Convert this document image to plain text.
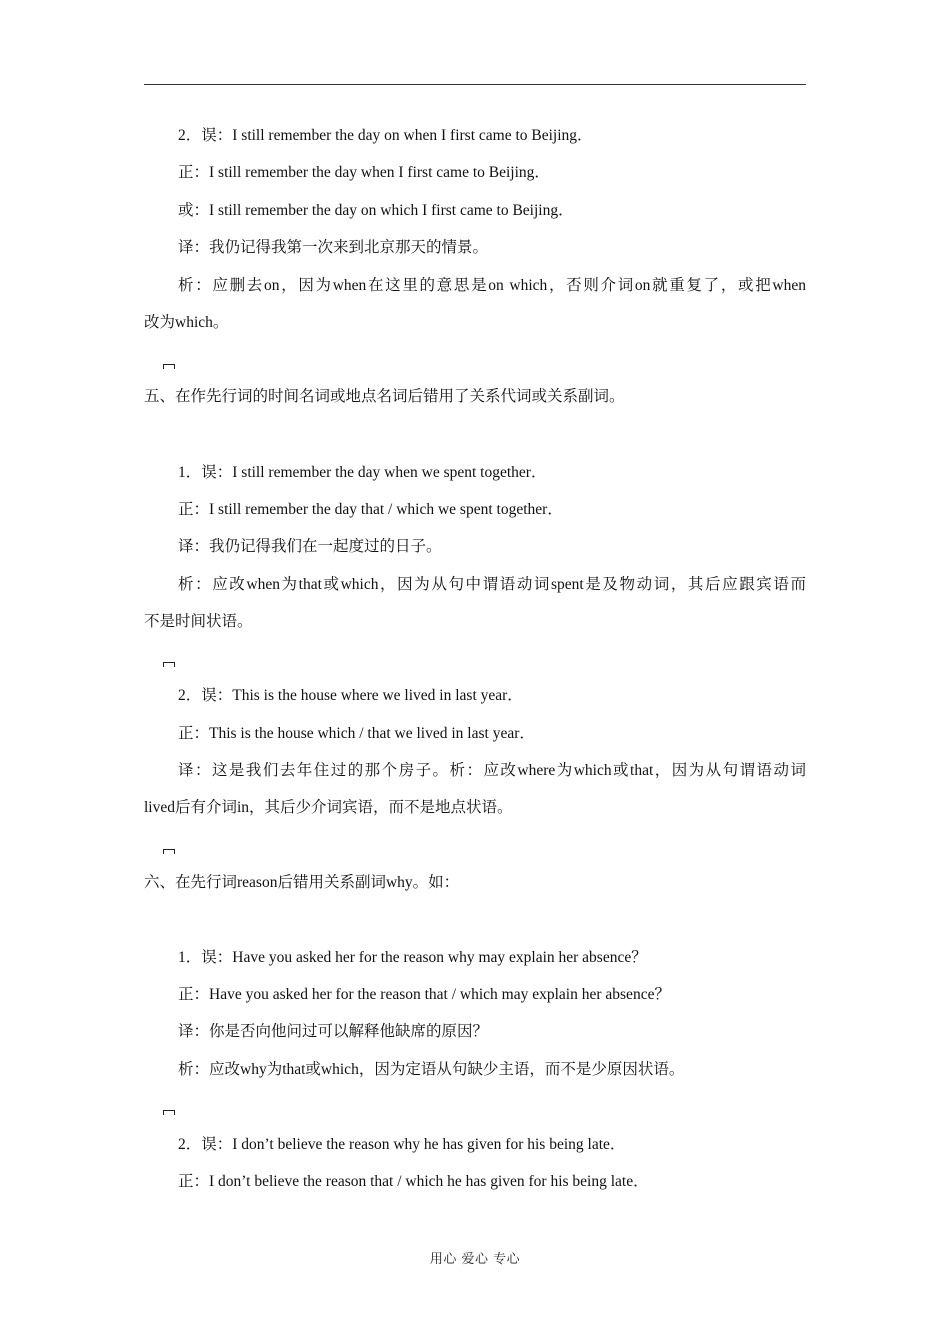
2．误：I still remember the day on when I first came to Beijing．
正：I still remember the day when I first came to Beijing．
或：I still remember the day on which I first came to Beijing．
译：我仍记得我第一次来到北京那天的情景。
析：应删去on，因为when在这里的意思是on which，否则介词on就重复了，或把when
改为which。
五、在作先行词的时间名词或地点名词后错用了关系代词或关系副词。
1．误：I still remember the day when we spent together．
正：I still remember the day that / which we spent together．
译：我仍记得我们在一起度过的日子。
析：应改when为that或which，因为从句中谓语动词spent是及物动词，其后应跟宾语而
不是时间状语。
2．误：This is the house where we lived in last year．
正：This is the house which / that we lived in last year．
译：这是我们去年住过的那个房子。析：应改where为which或that，因为从句谓语动词
lived后有介词in，其后少介词宾语，而不是地点状语。
六、在先行词reason后错用关系副词why。如：
1．误：Have you asked her for the reason why may explain her absence？
正：Have you asked her for the reason that / which may explain her absence？
译：你是否向他问过可以解释他缺席的原因？
析：应改why为that或which，因为定语从句缺少主语，而不是少原因状语。
2．误：I don’t believe the reason why he has given for his being late．
正：I don’t believe the reason that / which he has given for his being late．
用心 爱心 专心
